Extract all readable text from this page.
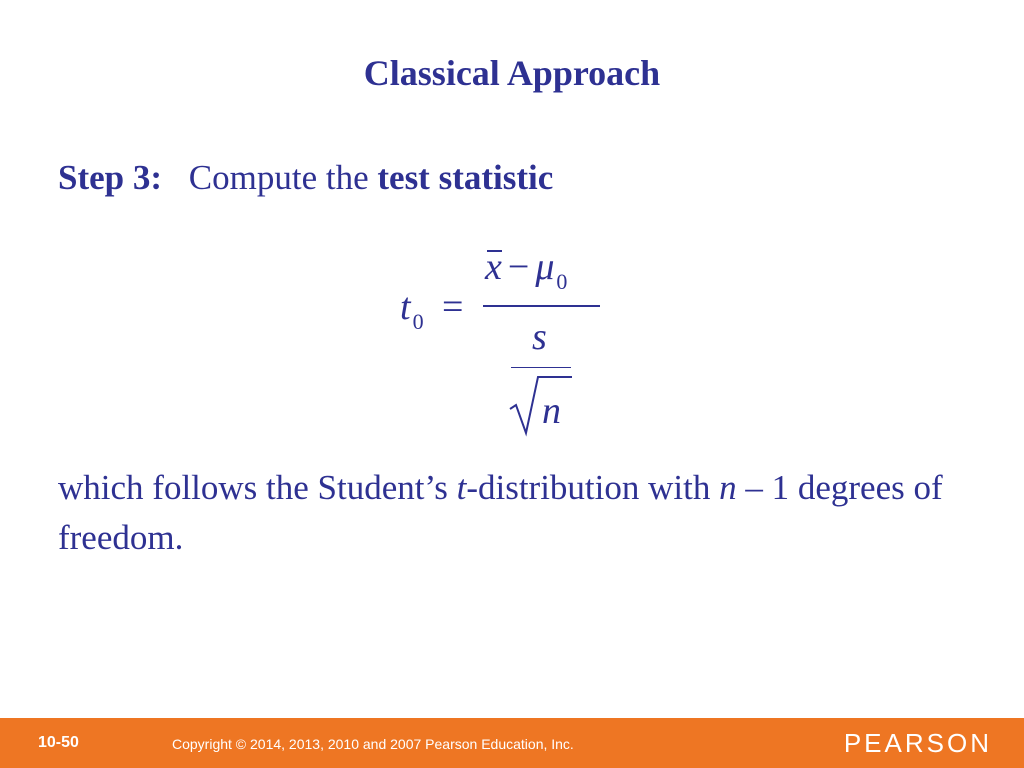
Classical Approach
Step 3: Compute the test statistic
$t_0$ =
$x - \mu_0$
s
n
which follows the Student’s t-distribution with n – 1 degrees of freedom.
10-50	Copyright © 2014, 2013, 2010 and 2007 Pearson Education, Inc.	PEARSON
